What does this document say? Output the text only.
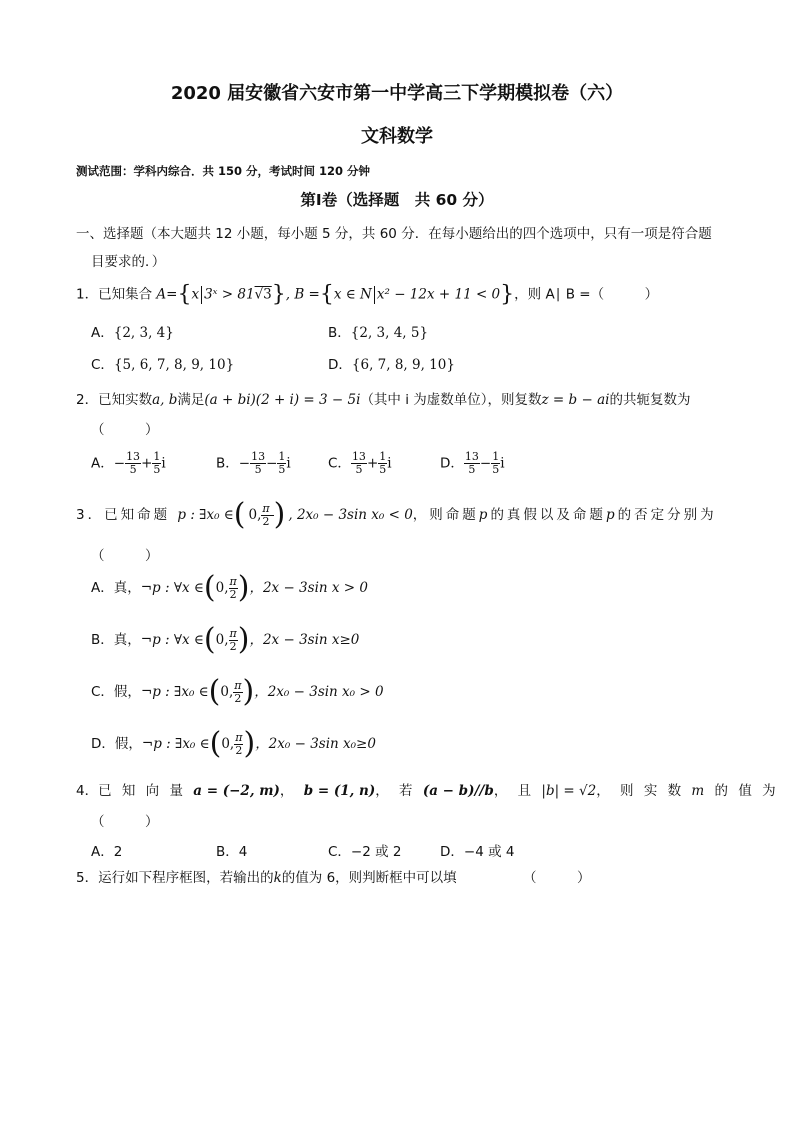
2020 届安徽省六安市第一中学高三下学期模拟卷（六）
文科数学
测试范围：学科内综合．共 150 分，考试时间 120 分钟
第Ⅰ卷（选择题　共 60 分）
一、选择题（本大题共 12 小题，每小题 5 分，共 60 分．在每小题给出的四个选项中，只有一项是符合题
目要求的．）
1．已知集合 A={x 3ˣ > 81√3}, B ={x ∈ N x² − 12x + 11 < 0}，则 A∣ B =（　　　）
A．{2, 3, 4}	B．{2, 3, 4, 5}
C．{5, 6, 7, 8, 9, 10}	D．{6, 7, 8, 9, 10}
2．已知实数a, b满足(a + bi)(2 + i) = 3 − 5i（其中 i 为虚数单位），则复数z = b − ai的共轭复数为
（　　　）
A．− $\frac{13}{5} + \frac{1}{5}$ i	B．− $\frac{13}{5} - \frac{1}{5}$ i	C． $\frac{13}{5} + \frac{1}{5}$ i	D． $\frac{13}{5} - \frac{1}{5}$ i
3．已知命题 p : ∃x₀ ∈(0, $\frac{\pi}{2}$ ), 2x₀ − 3sin x₀ < 0，则命题p的真假以及命题p的否定分别为
（　　　）
A．真，¬p : ∀x ∈(0, $\frac{\pi}{2}$ )，2x − 3sin x > 0
B．真，¬p : ∀x ∈(0, $\frac{\pi}{2}$ )，2x − 3sin x≥0
C．假，¬p : ∃x₀ ∈(0, $\frac{\pi}{2}$ )，2x₀ − 3sin x₀ > 0
D．假，¬p : ∃x₀ ∈(0, $\frac{\pi}{2}$ )，2x₀ − 3sin x₀≥0
4．已 知 向 量 a = (−2, m)， b = (1, n)， 若 (a − b)//b， 且 |b| = √2， 则 实 数 m 的 值 为
（　　　）
A．2	B．4	C．−2 或 2	D．−4 或 4
5．运行如下程序框图，若输出的k的值为 6，则判断框中可以填	（　　　）
